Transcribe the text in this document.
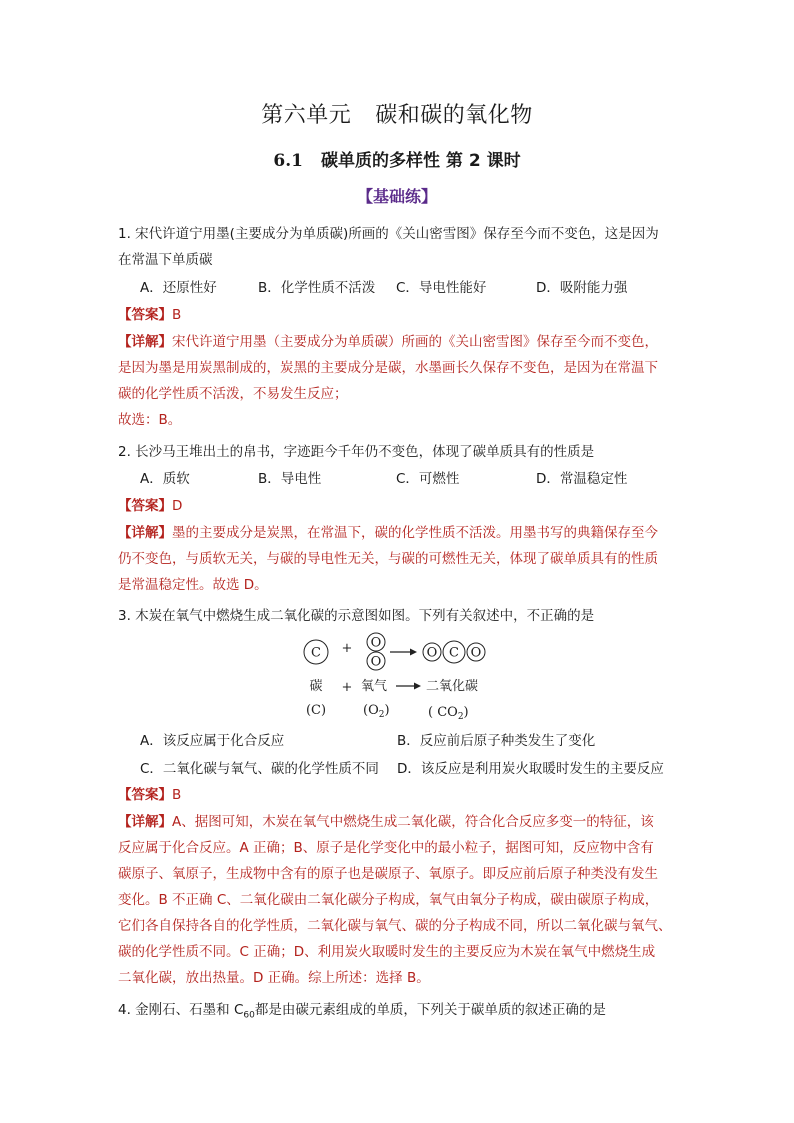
第六单元 碳和碳的氧化物
6.1 碳单质的多样性 第 2 课时
【基础练】
1. 宋代许道宁用墨(主要成分为单质碳)所画的《关山密雪图》保存至今而不变色，这是因为
在常温下单质碳
A．还原性好	B．化学性质不活泼 C．导电性能好	D．吸附能力强
【答案】B
【详解】宋代许道宁用墨（主要成分为单质碳）所画的《关山密雪图》保存至今而不变色，
是因为墨是用炭黑制成的，炭黑的主要成分是碳，水墨画长久保存不变色，是因为在常温下
碳的化学性质不活泼，不易发生反应；
故选：B。
2. 长沙马王堆出土的帛书，字迹距今千年仍不变色，体现了碳单质具有的性质是
A．质软	B．导电性	C．可燃性	D．常温稳定性
【答案】D
【详解】墨的主要成分是炭黑，在常温下，碳的化学性质不活泼。用墨书写的典籍保存至今
仍不变色，与质软无关，与碳的导电性无关，与碳的可燃性无关，体现了碳单质具有的性质
是常温稳定性。故选 D。
3. 木炭在氧气中燃烧生成二氧化碳的示意图如图。下列有关叙述中，不正确的是
C + O
O
O C O
碳 + 氧气	二氧化碳
(C)	$(O_2)$	( $CO_2$)
A．该反应属于化合反应	B．反应前后原子种类发生了变化
C．二氧化碳与氧气、碳的化学性质不同 D．该反应是利用炭火取暖时发生的主要反应
【答案】B
【详解】A、据图可知，木炭在氧气中燃烧生成二氧化碳，符合化合反应多变一的特征，该
反应属于化合反应。A 正确；B、原子是化学变化中的最小粒子，据图可知，反应物中含有
碳原子、氧原子，生成物中含有的原子也是碳原子、氧原子。即反应前后原子种类没有发生
变化。B 不正确 C、二氧化碳由二氧化碳分子构成，氧气由氧分子构成，碳由碳原子构成，
它们各自保持各自的化学性质，二氧化碳与氧气、碳的分子构成不同，所以二氧化碳与氧气、
碳的化学性质不同。C 正确；D、利用炭火取暖时发生的主要反应为木炭在氧气中燃烧生成
二氧化碳，放出热量。D 正确。综上所述：选择 B。
4. 金刚石、石墨和 $C_{60}$都是由碳元素组成的单质，下列关于碳单质的叙述正确的是
